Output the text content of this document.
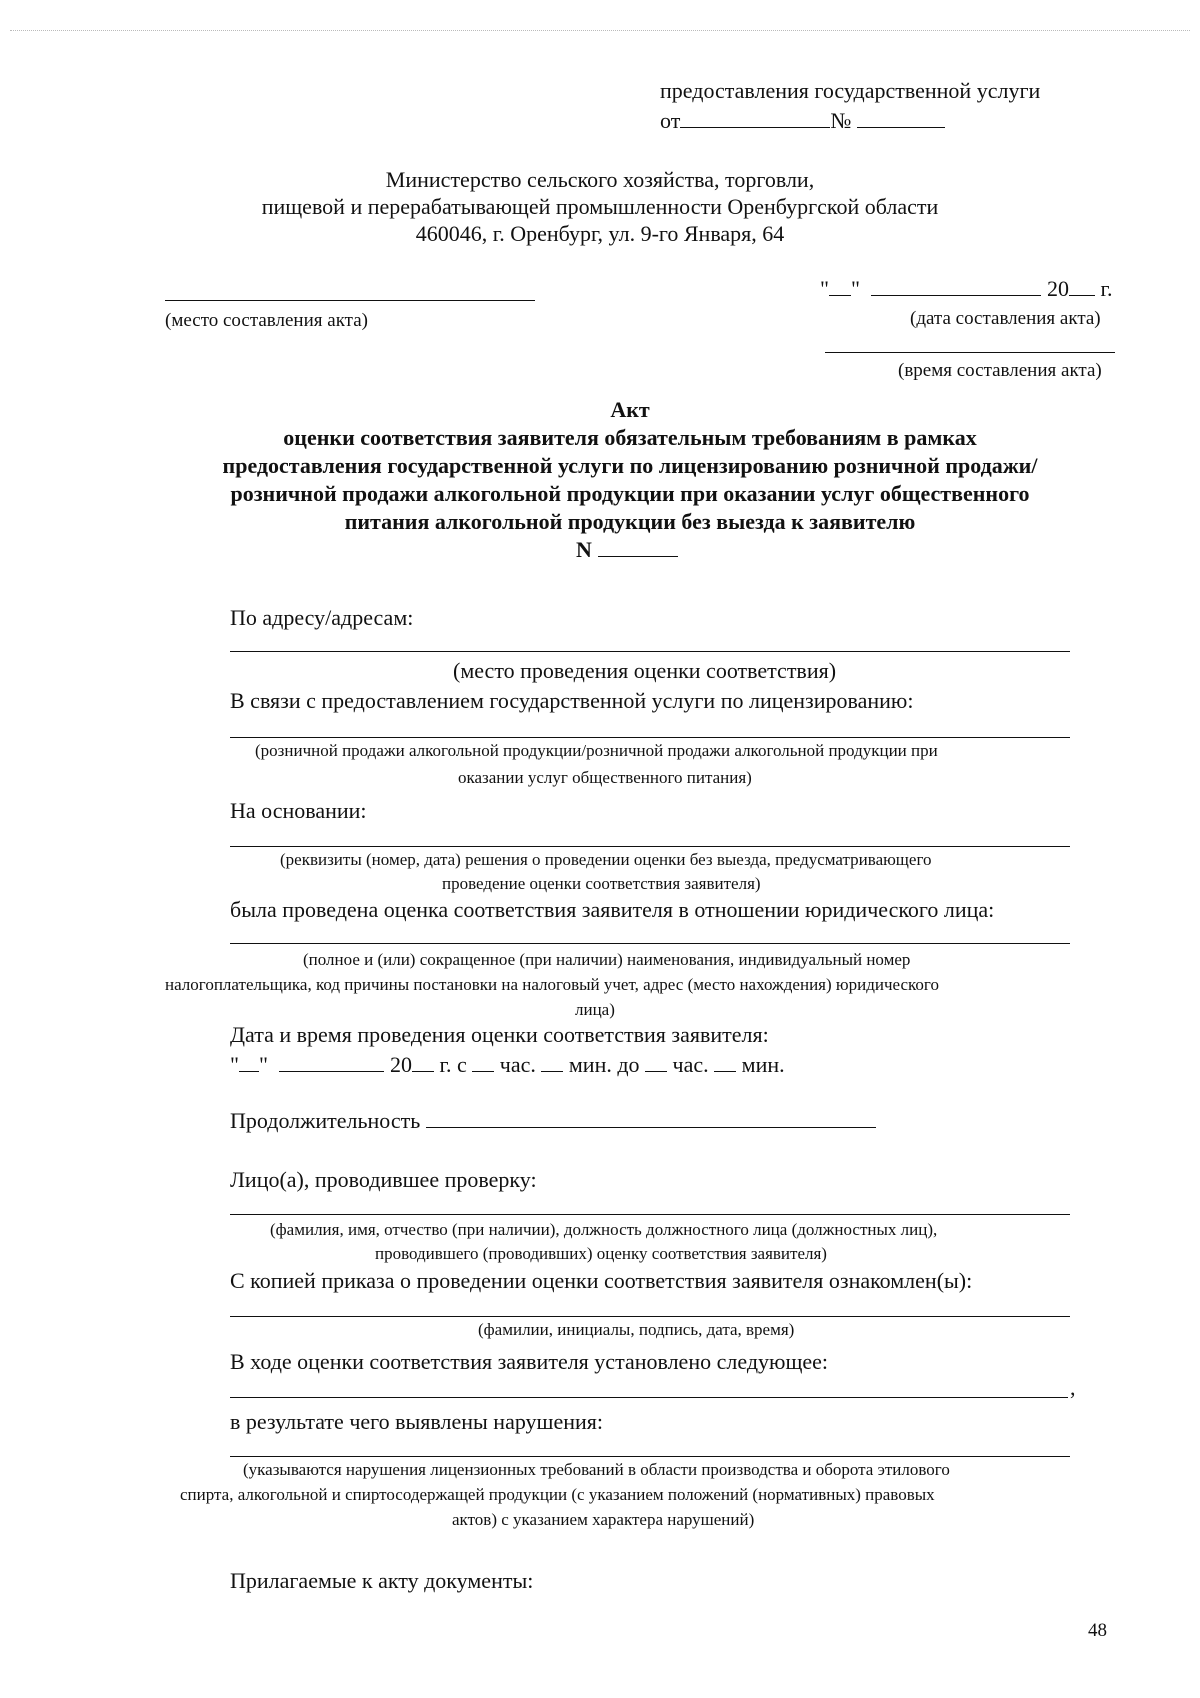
предоставления государственной услуги
от	№
Министерство сельского хозяйства, торговли,
пищевой и перерабатывающей промышленности Оренбургской области
460046, г. Оренбург, ул. 9-го Января, 64
(место составления акта)
" "	20 г.
(дата составления акта)
(время составления акта)
Акт
оценки соответствия заявителя обязательным требованиям в рамках
предоставления государственной услуги по лицензированию розничной продажи/
розничной продажи алкогольной продукции при оказании услуг общественного
питания алкогольной продукции без выезда к заявителю
N
По адресу/адресам:
(место проведения оценки соответствия)
В связи с предоставлением государственной услуги по лицензированию:
(розничной продажи алкогольной продукции/розничной продажи алкогольной продукции при
оказании услуг общественного питания)
На основании:
(реквизиты (номер, дата) решения о проведении оценки без выезда, предусматривающего
проведение оценки соответствия заявителя)
была проведена оценка соответствия заявителя в отношении юридического лица:
(полное и (или) сокращенное (при наличии) наименования, индивидуальный номер
налогоплательщика, код причины постановки на налоговый учет, адрес (место нахождения) юридического
лица)
Дата и время проведения оценки соответствия заявителя:
" "	20 г. с час. мин. до час. мин.
Продолжительность
Лицо(а), проводившее проверку:
(фамилия, имя, отчество (при наличии), должность должностного лица (должностных лиц),
проводившего (проводивших) оценку соответствия заявителя)
С копией приказа о проведении оценки соответствия заявителя ознакомлен(ы):
(фамилии, инициалы, подпись, дата, время)
В ходе оценки соответствия заявителя установлено следующее:
,
в результате чего выявлены нарушения:
(указываются нарушения лицензионных требований в области производства и оборота этилового
спирта, алкогольной и спиртосодержащей продукции (с указанием положений (нормативных) правовых
актов) с указанием характера нарушений)
Прилагаемые к акту документы:
48
